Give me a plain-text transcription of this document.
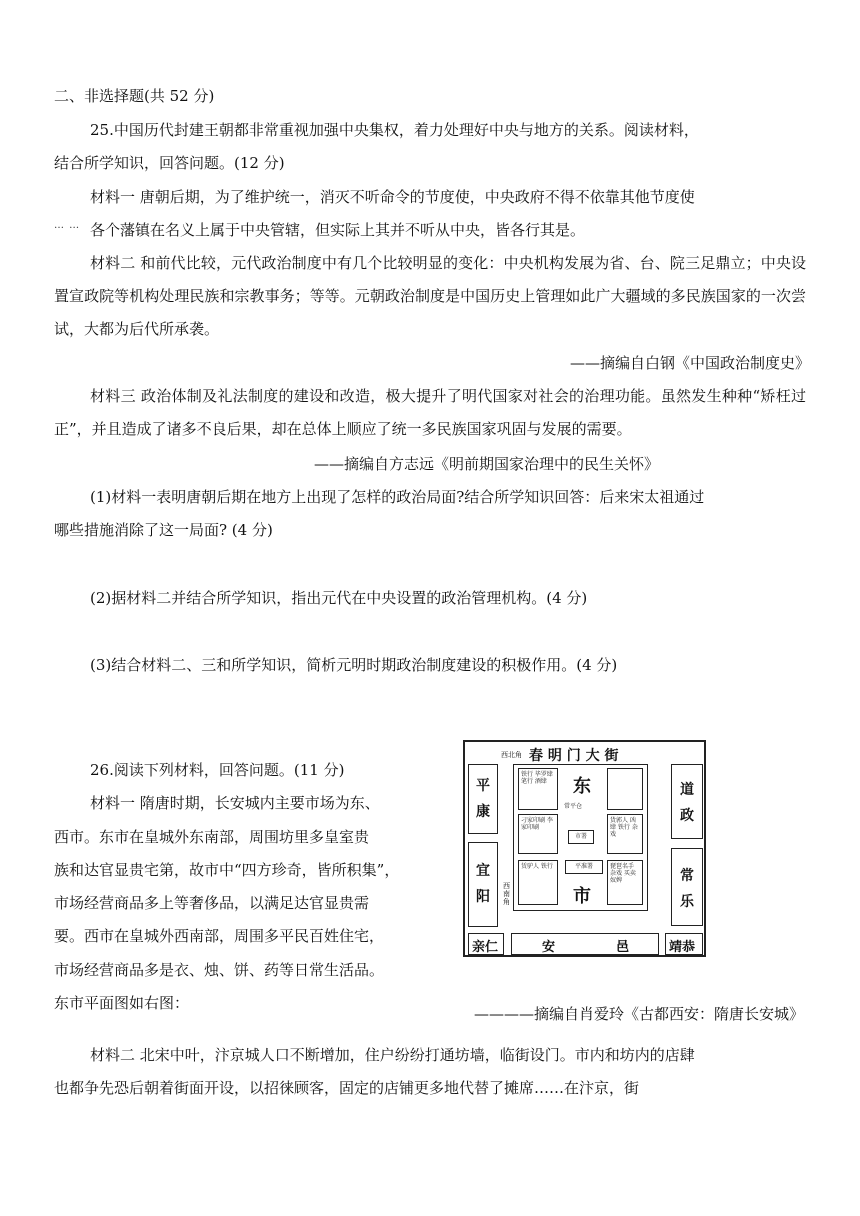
二、非选择题(共 52 分)
25.中国历代封建王朝都非常重视加强中央集权，着力处理好中央与地方的关系。阅读材料，
结合所学知识，回答问题。(12 分)
材料一 唐朝后期，为了维护统一，消灭不听命令的节度使，中央政府不得不依靠其他节度使
… … 各个藩镇在名义上属于中央管辖，但实际上其并不听从中央，皆各行其是。
材料二 和前代比较，元代政治制度中有几个比较明显的变化：中央机构发展为省、台、院三足鼎立；中央设置宣政院等机构处理民族和宗教事务；等等。元朝政治制度是中国历史上管理如此广大疆域的多民族国家的一次尝试，大都为后代所承袭。
——摘编自白钢《中国政治制度史》
材料三 政治体制及礼法制度的建设和改造，极大提升了明代国家对社会的治理功能。虽然发生种种“矫枉过正”，并且造成了诸多不良后果，却在总体上顺应了统一多民族国家巩固与发展的需要。
——摘编自方志远《明前期国家治理中的民生关怀》
(1)材料一表明唐朝后期在地方上出现了怎样的政治局面?结合所学知识回答：后来宋太祖通过
哪些措施消除了这一局面? (4 分)
(2)据材料二并结合所学知识，指出元代在中央设置的政治管理机构。(4 分)
(3)结合材料二、三和所学知识，简析元明时期政治制度建设的积极作用。(4 分)
26.阅读下列材料，回答问题。(11 分)
材料一 隋唐时期，长安城内主要市场为东、
西市。东市在皇城外东南部，周围坊里多皇室贵
族和达官显贵宅第，故市中“四方珍奇，皆所积集”，
市场经营商品多上等奢侈品，以满足达官显贵需
要。西市在皇城外西南部，周围多平民百姓住宅，
市场经营商品多是衣、烛、饼、药等日常生活品。
东市平面图如右图：
————摘编自肖爱玲《古都西安：隋唐长安城》
材料二 北宋中叶，汴京城人口不断增加，住户纷纷打通坊墙，临街设门。市内和坊内的店肆
也都争先恐后朝着街面开设，以招徕顾客，固定的店铺更多地代替了摊席……在汴京，街
西北角 春 明 门 大 街
平康
宜阳
道政
常乐
铁行 毕罗肆 笔行 酒肆
常平仓
东
刁家印刷 李家印刷
市署
货郭人 凶肆 铁行 杂戏
赁驴人 铁行	平准署
市
琵琶名手 杂戏 买卖奴婢
西南角
亲仁	安	邑	靖恭
